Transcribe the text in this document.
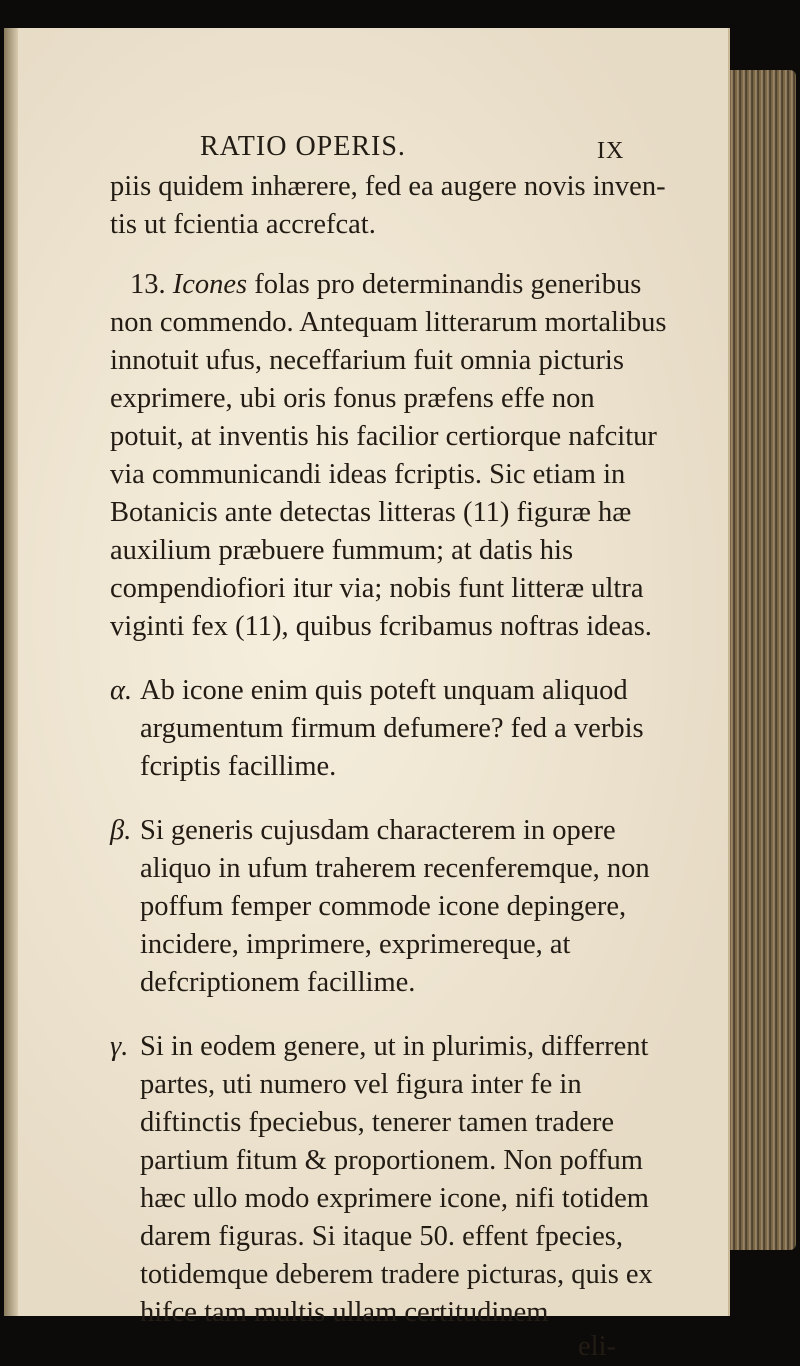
RATIO OPERIS.	IX

piis quidem inhærere, fed ea augere novis inven-tis ut fcientia accrefcat.

13. Icones folas pro determinandis generibus non commendo. Antequam litterarum mortalibus innotuit ufus, neceffarium fuit omnia picturis exprimere, ubi oris fonus præfens effe non potuit, at inventis his facilior certiorque nafcitur via communicandi ideas fcriptis. Sic etiam in Botanicis ante detectas litteras (11) figuræ hæ auxilium præbuere fummum; at datis his compendiofiori itur via; nobis funt litteræ ultra viginti fex (11), quibus fcribamus noftras ideas.

α. Ab icone enim quis poteft unquam aliquod argumentum firmum defumere? fed a verbis fcriptis facillime.
β. Si generis cujusdam characterem in opere aliquo in ufum traherem recenferemque, non poffum femper commode icone depingere, incidere, imprimere, exprimereque, at defcriptionem facillime.
γ. Si in eodem genere, ut in plurimis, differrent partes, uti numero vel figura inter fe in diftinctis fpeciebus, tenerer tamen tradere partium fitum & proportionem. Non poffum hæc ullo modo exprimere icone, nifi totidem darem figuras. Si itaque 50. effent fpecies, totidemque deberem tradere picturas, quis ex hifce tam multis ullam certitudinem
eli-
